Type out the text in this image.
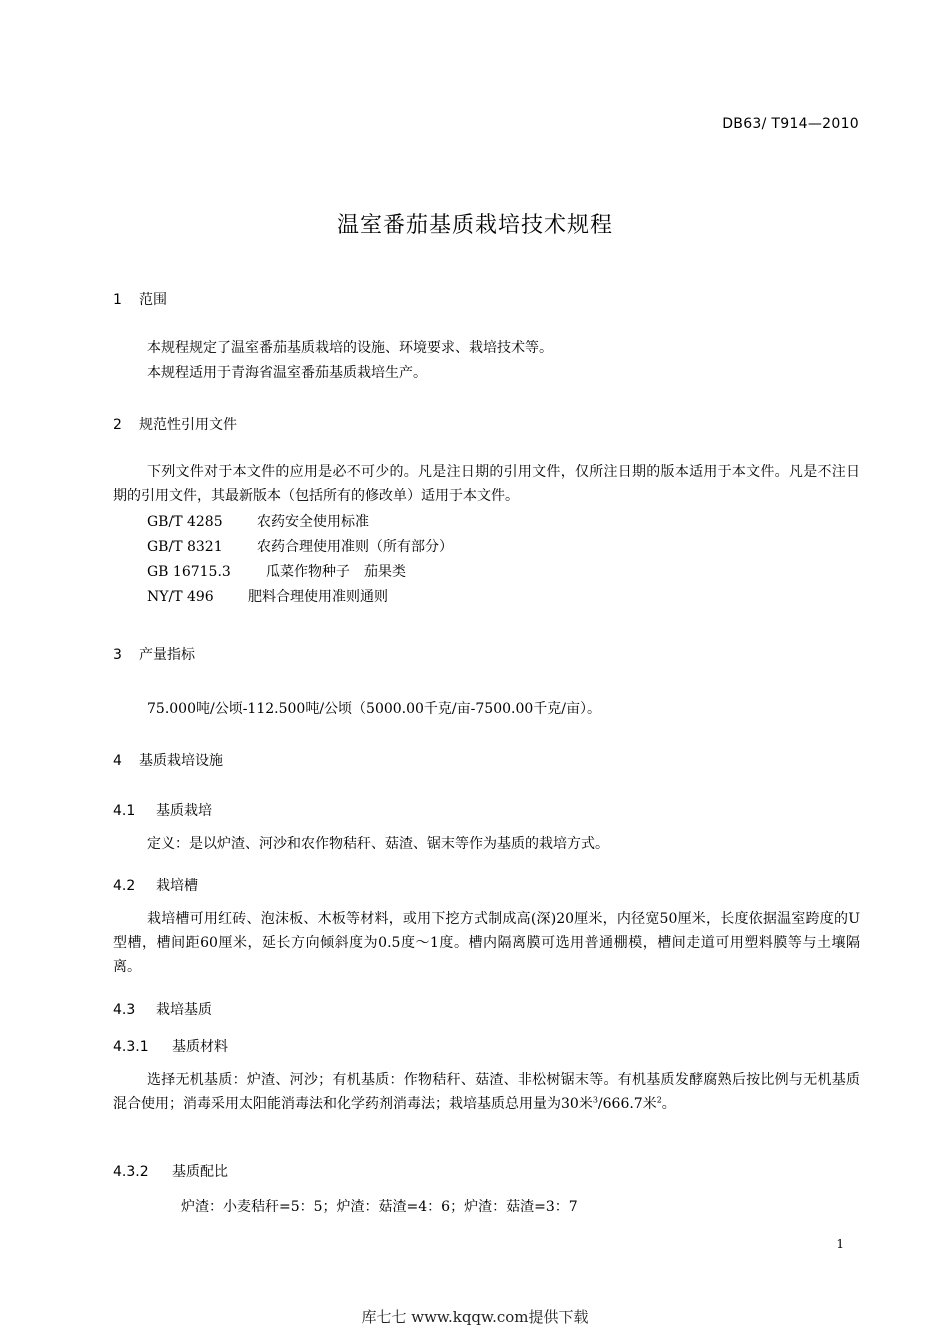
DB63/ T914—2010
温室番茄基质栽培技术规程
1 范围
本规程规定了温室番茄基质栽培的设施、环境要求、栽培技术等。
本规程适用于青海省温室番茄基质栽培生产。
2 规范性引用文件
下列文件对于本文件的应用是必不可少的。凡是注日期的引用文件，仅所注日期的版本适用于本文件。凡是不注日期的引用文件，其最新版本（包括所有的修改单）适用于本文件。
GB/T 4285 农药安全使用标准
GB/T 8321 农药合理使用准则（所有部分）
GB 16715.3	瓜菜作物种子　茄果类
NY/T 496 肥料合理使用准则通则
3 产量指标
75.000吨/公顷-112.500吨/公顷（5000.00千克/亩-7500.00千克/亩）。
4 基质栽培设施
4.1 基质栽培
定义：是以炉渣、河沙和农作物秸秆、菇渣、锯末等作为基质的栽培方式。
4.2 栽培槽
栽培槽可用红砖、泡沫板、木板等材料，或用下挖方式制成高(深)20厘米，内径宽50厘米，长度依据温室跨度的U型槽，槽间距60厘米，延长方向倾斜度为0.5度～1度。槽内隔离膜可选用普通棚模，槽间走道可用塑料膜等与土壤隔离。
4.3 栽培基质
4.3.1 基质材料
选择无机基质：炉渣、河沙；有机基质：作物秸秆、菇渣、非松树锯末等。有机基质发酵腐熟后按比例与无机基质混合使用；消毒采用太阳能消毒法和化学药剂消毒法；栽培基质总用量为30米$^3$/666.7米$^2$。
4.3.2 基质配比
炉渣：小麦秸秆=5：5；炉渣：菇渣=4：6；炉渣：菇渣=3：7
1
库七七 www.kqqw.com提供下载
